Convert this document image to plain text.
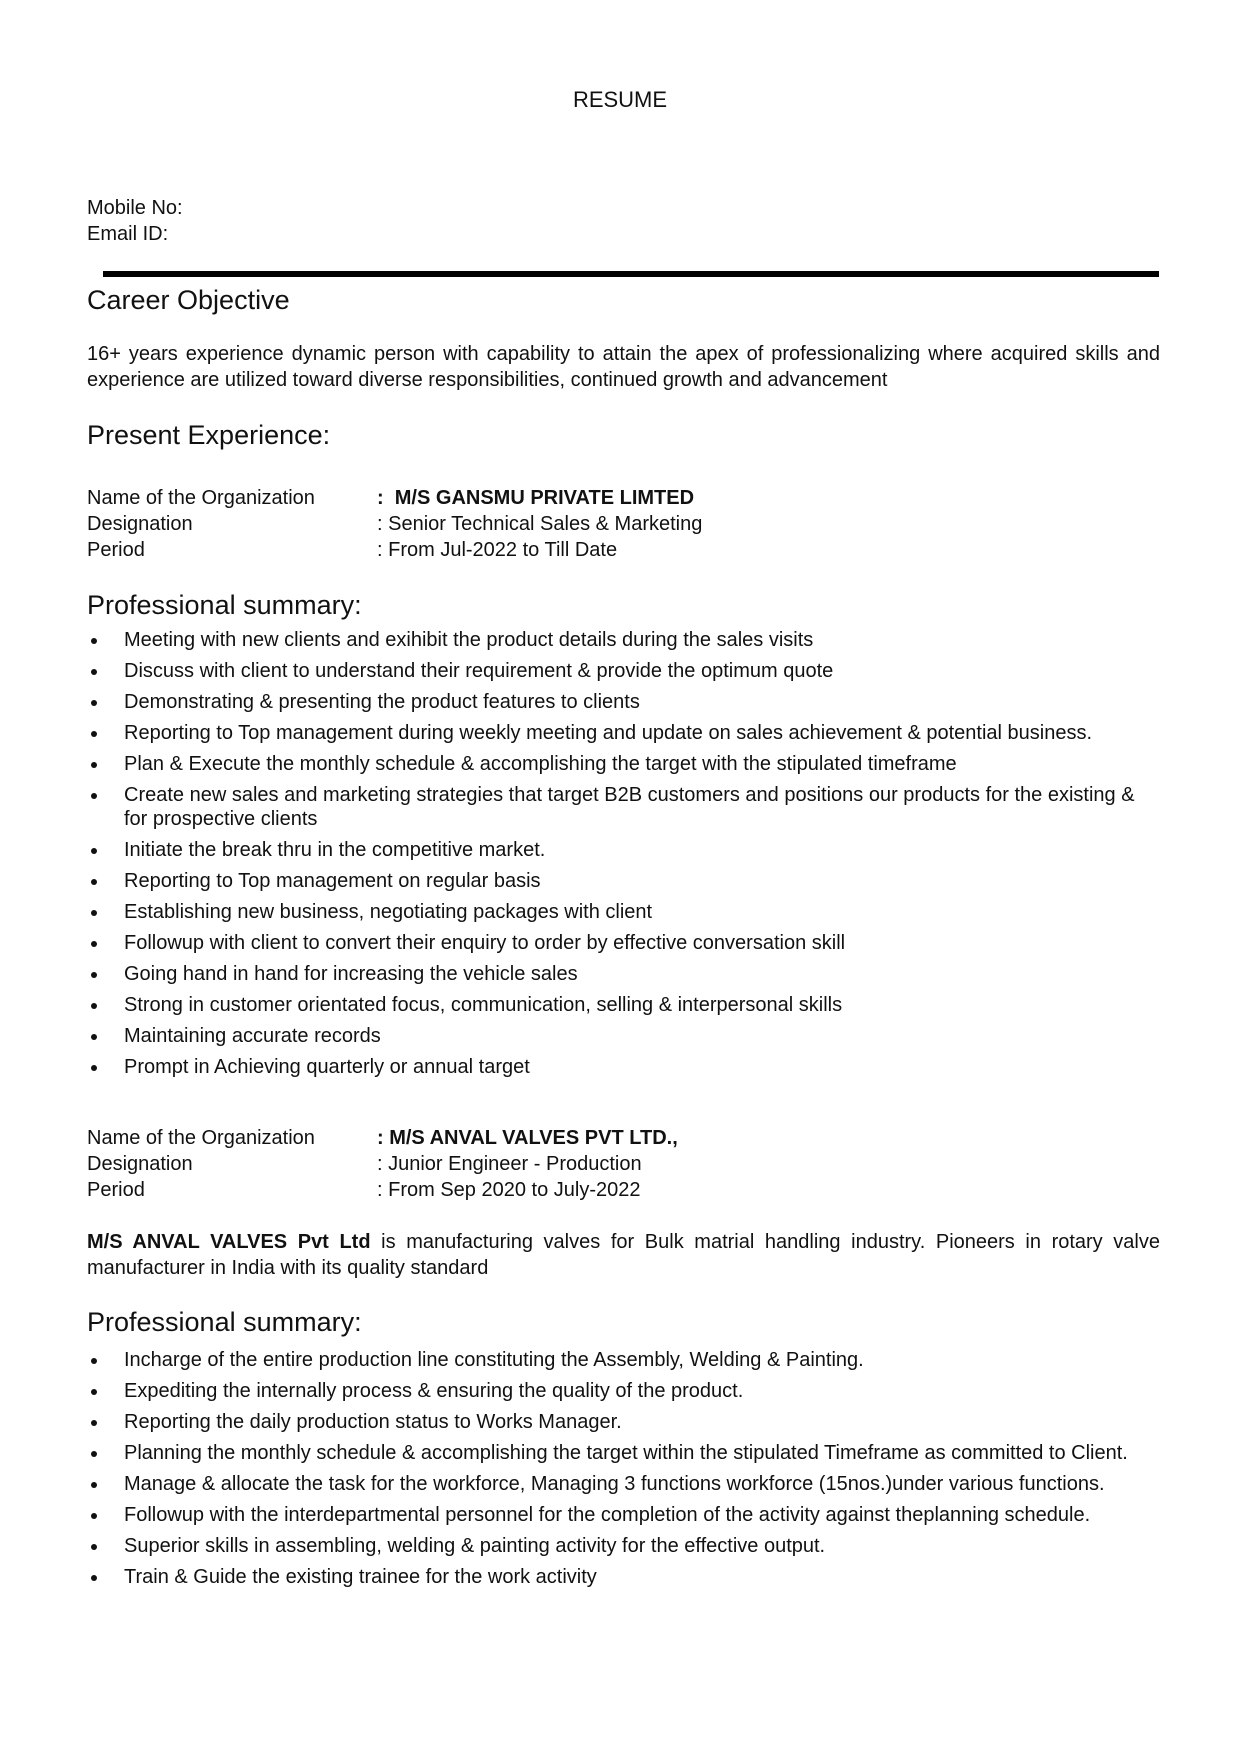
RESUME
Mobile No:
Email ID:
Career Objective
16+ years experience dynamic person with capability to attain the apex of professionalizing where acquired skills and experience are utilized toward diverse responsibilities, continued growth and advancement
Present Experience:
Name of the Organization	:  M/S GANSMU PRIVATE LIMTED
Designation	: Senior Technical Sales & Marketing
Period	: From Jul-2022 to Till Date
Professional summary:
Meeting with new clients and exihibit the product details during the sales visits
Discuss with client to understand their requirement & provide the optimum quote
Demonstrating & presenting the product features to clients
Reporting to Top management during weekly meeting and update on sales achievement & potential business.
Plan & Execute the monthly schedule & accomplishing the target with the stipulated timeframe
Create new sales and marketing strategies that target B2B customers and positions our products for the existing & for prospective clients
Initiate the break thru in the competitive market.
Reporting to Top management on regular basis
Establishing new business, negotiating packages with client
Followup with client to convert their enquiry to order by effective conversation skill
Going hand in hand for increasing the vehicle sales
Strong in customer orientated focus, communication, selling & interpersonal skills
Maintaining accurate records
Prompt in Achieving quarterly or annual target
Name of the Organization	: M/S ANVAL VALVES PVT LTD.,
Designation	: Junior Engineer - Production
Period	: From Sep 2020 to July-2022
M/S ANVAL VALVES Pvt Ltd is manufacturing valves for Bulk matrial handling industry. Pioneers in rotary valve manufacturer in India with its quality standard
Professional summary:
Incharge of the entire production line constituting the Assembly, Welding & Painting.
Expediting the internally process & ensuring the quality of the product.
Reporting the daily production status to Works Manager.
Planning the monthly schedule & accomplishing the target within the stipulated Timeframe as committed to Client.
Manage & allocate the task for the workforce, Managing 3 functions workforce (15nos.)under various functions.
Followup with the interdepartmental personnel for the completion of the activity against theplanning schedule.
Superior skills in assembling, welding & painting activity for the effective output.
Train & Guide the existing trainee for the work activity
